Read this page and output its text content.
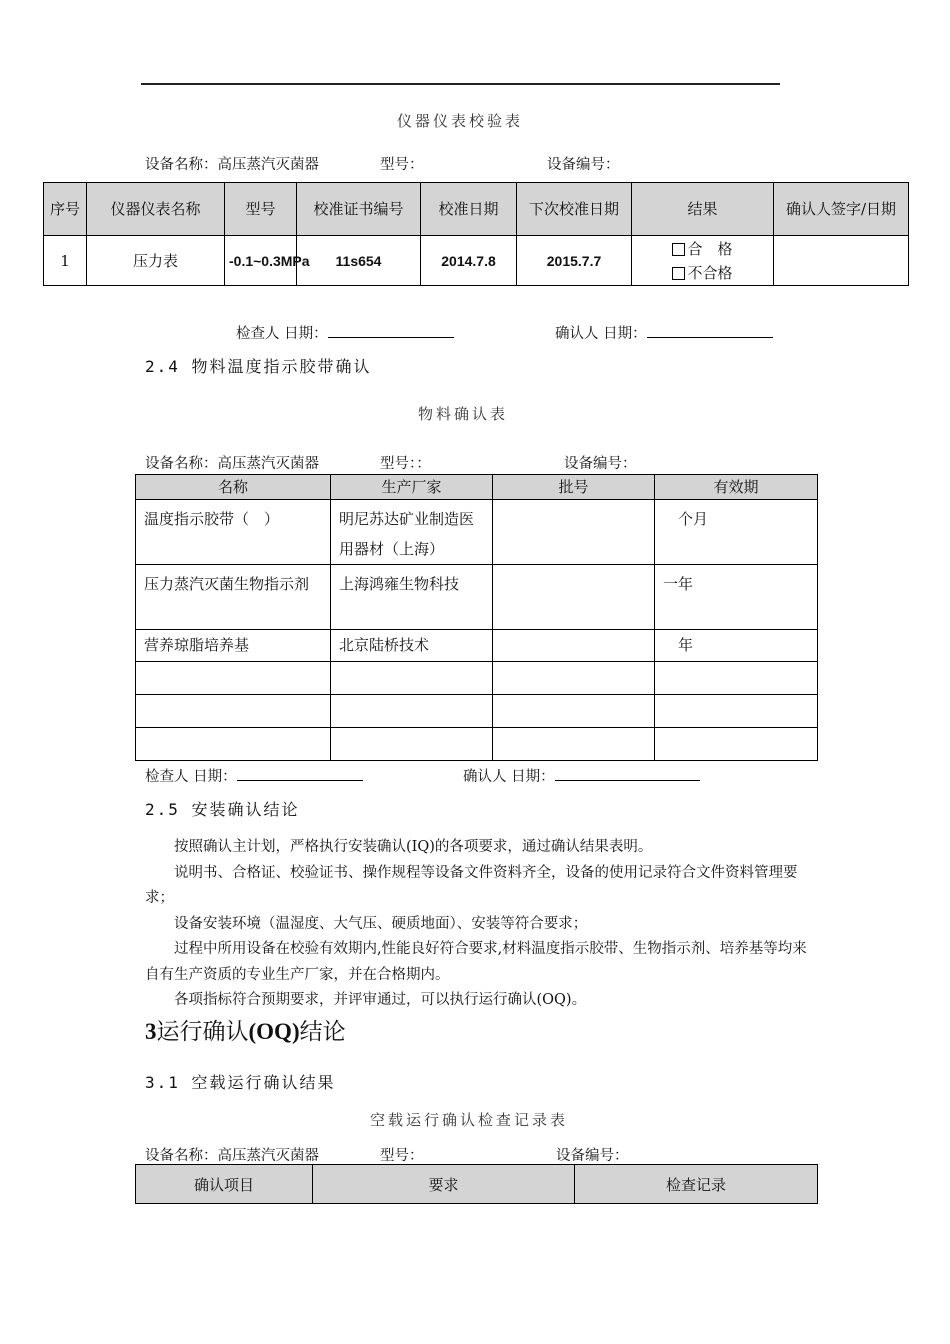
仪器仪表校验表
设备名称：高压蒸汽灭菌器	型号：	设备编号：
序号	仪器仪表名称	型号	校准证书编号	校准日期	下次校准日期	结果	确认人签字/日期
1	压力表	-0.1~0.3MPa	11s654	2014.7.8	2015.7.7	合　格
不合格	

检查人 日期：	确认人 日期：
2.4 物料温度指示胶带确认
物料确认表
设备名称：高压蒸汽灭菌器	型号：：	设备编号：
名称	生产厂家	批号	有效期
温度指示胶带（　）	明尼苏达矿业制造医用器材（上海）		　个月
压力蒸汽灭菌生物指示剂	上海鸿雍生物科技		一年
营养琼脂培养基	北京陆桥技术		　年

检查人 日期：	确认人 日期：
2.5 安装确认结论

按照确认主计划，严格执行安装确认(IQ)的各项要求，通过确认结果表明。

说明书、合格证、校验证书、操作规程等设备文件资料齐全，设备的使用记录符合文件资料管理要求；

设备安装环境（温湿度、大气压、硬质地面）、安装等符合要求；

过程中所用设备在校验有效期内,性能良好符合要求,材料温度指示胶带、生物指示剂、培养基等均来自有生产资质的专业生产厂家，并在合格期内。

各项指标符合预期要求，并评审通过，可以执行运行确认(OQ)。

3运行确认(OQ)结论
3.1 空载运行确认结果
空载运行确认检查记录表
设备名称：高压蒸汽灭菌器	型号：	设备编号：
确认项目	要求	检查记录
